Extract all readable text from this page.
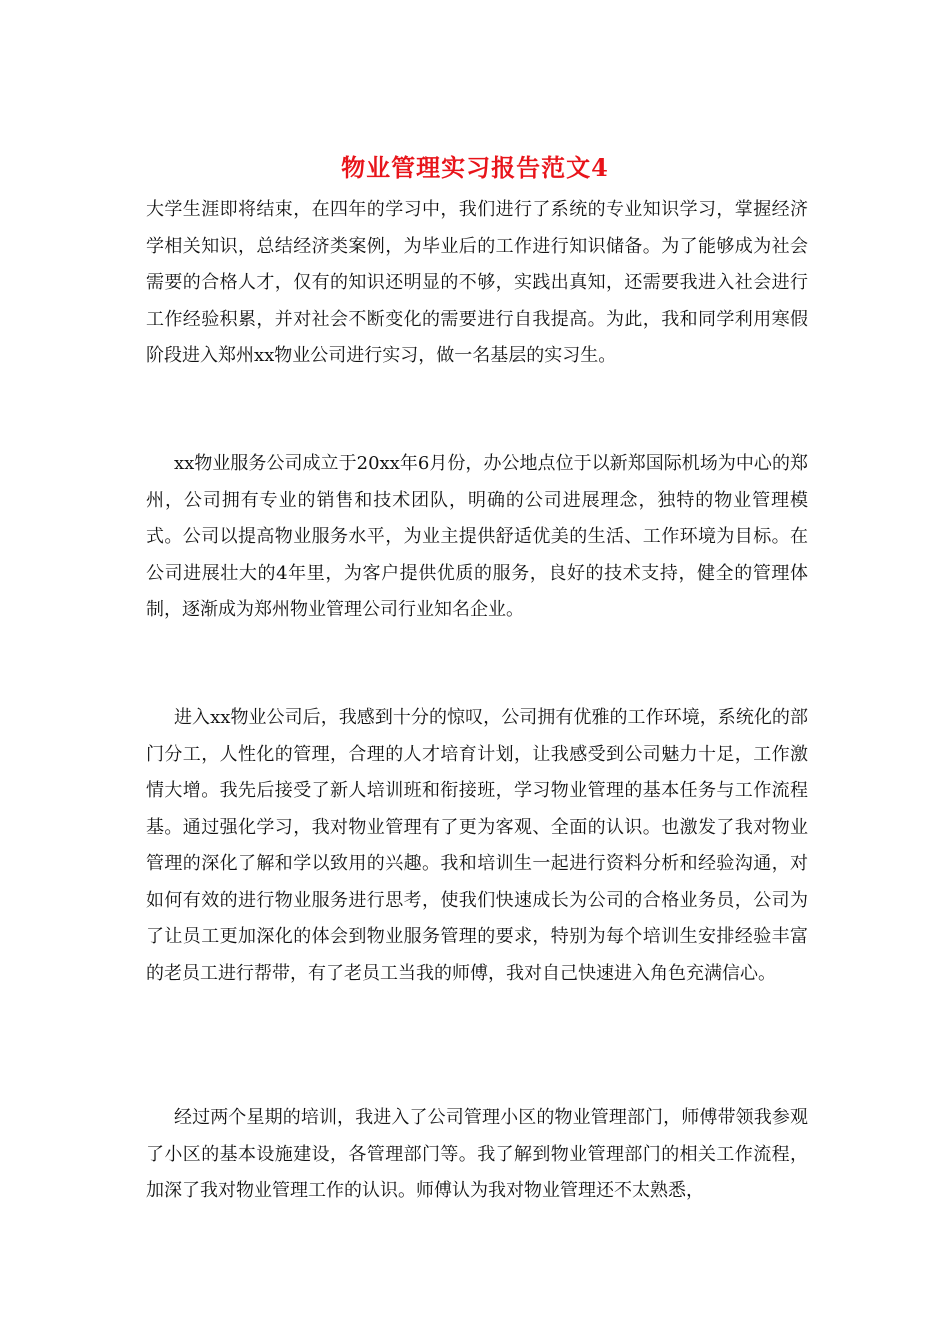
物业管理实习报告范文4

大学生涯即将结束，在四年的学习中，我们进行了系统的专业知识学习，掌握经济学相关知识，总结经济类案例，为毕业后的工作进行知识储备。为了能够成为社会需要的合格人才，仅有的知识还明显的不够，实践出真知，还需要我进入社会进行工作经验积累，并对社会不断变化的需要进行自我提高。为此，我和同学利用寒假阶段进入郑州xx物业公司进行实习，做一名基层的实习生。

xx物业服务公司成立于20xx年6月份，办公地点位于以新郑国际机场为中心的郑州，公司拥有专业的销售和技术团队，明确的公司进展理念，独特的物业管理模式。公司以提高物业服务水平，为业主提供舒适优美的生活、工作环境为目标。在公司进展壮大的4年里，为客户提供优质的服务，良好的技术支持，健全的管理体制，逐渐成为郑州物业管理公司行业知名企业。

进入xx物业公司后，我感到十分的惊叹，公司拥有优雅的工作环境，系统化的部门分工，人性化的管理，合理的人才培育计划，让我感受到公司魅力十足，工作激情大增。我先后接受了新人培训班和衔接班，学习物业管理的基本任务与工作流程基。通过强化学习，我对物业管理有了更为客观、全面的认识。也激发了我对物业管理的深化了解和学以致用的兴趣。我和培训生一起进行资料分析和经验沟通，对如何有效的进行物业服务进行思考，使我们快速成长为公司的合格业务员，公司为了让员工更加深化的体会到物业服务管理的要求，特别为每个培训生安排经验丰富的老员工进行帮带，有了老员工当我的师傅，我对自己快速进入角色充满信心。

经过两个星期的培训，我进入了公司管理小区的物业管理部门，师傅带领我参观了小区的基本设施建设，各管理部门等。我了解到物业管理部门的相关工作流程，加深了我对物业管理工作的认识。师傅认为我对物业管理还不太熟悉，
